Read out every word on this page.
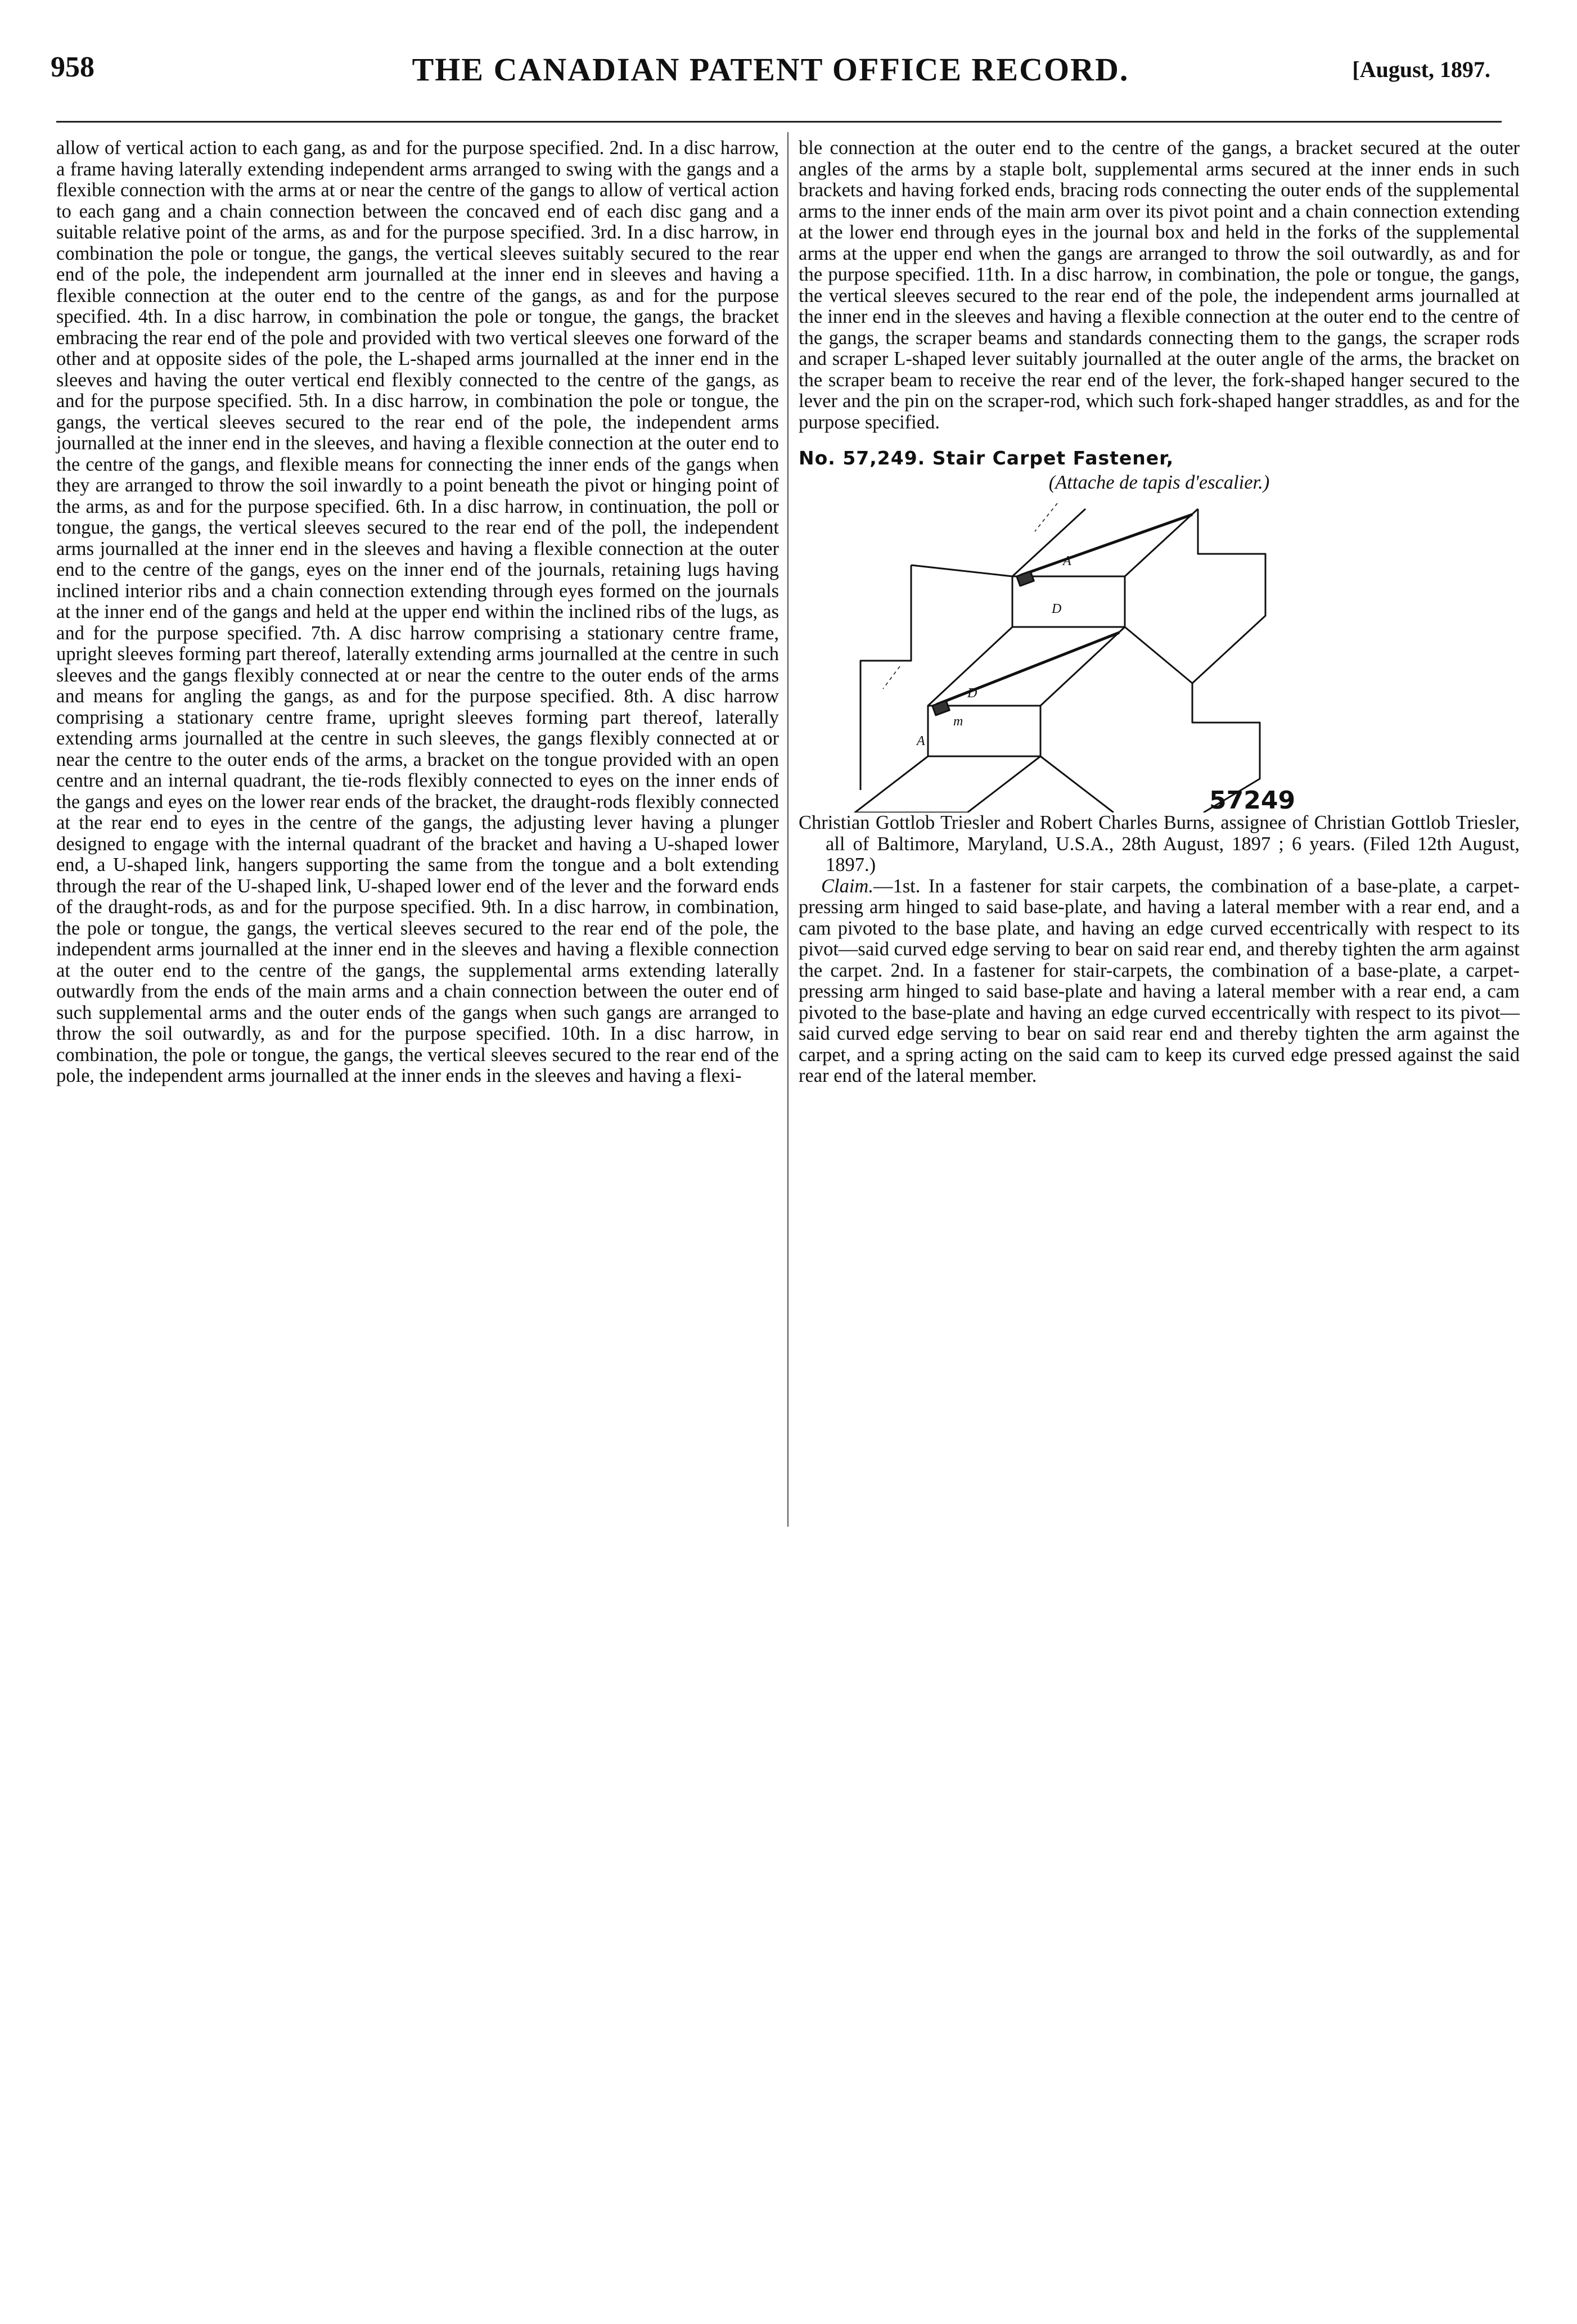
958	THE CANADIAN PATENT OFFICE RECORD.	[August, 1897.

allow of vertical action to each gang, as and for the purpose specified. 2nd. In a disc harrow, a frame having laterally extending independent arms arranged to swing with the gangs and a flexible connection with the arms at or near the centre of the gangs to allow of vertical action to each gang and a chain connection between the concaved end of each disc gang and a suitable relative point of the arms, as and for the purpose specified. 3rd. In a disc harrow, in combination the pole or tongue, the gangs, the vertical sleeves suitably secured to the rear end of the pole, the independent arm journalled at the inner end in sleeves and having a flexible connection at the outer end to the centre of the gangs, as and for the purpose specified. 4th. In a disc harrow, in combination the pole or tongue, the gangs, the bracket embracing the rear end of the pole and provided with two vertical sleeves one forward of the other and at opposite sides of the pole, the L-shaped arms journalled at the inner end in the sleeves and having the outer vertical end flexibly connected to the centre of the gangs, as and for the purpose specified. 5th. In a disc harrow, in combination the pole or tongue, the gangs, the vertical sleeves secured to the rear end of the pole, the independent arms journalled at the inner end in the sleeves, and having a flexible connection at the outer end to the centre of the gangs, and flexible means for connecting the inner ends of the gangs when they are arranged to throw the soil inwardly to a point beneath the pivot or hinging point of the arms, as and for the purpose specified. 6th. In a disc harrow, in continuation, the poll or tongue, the gangs, the vertical sleeves secured to the rear end of the poll, the independent arms journalled at the inner end in the sleeves and having a flexible connection at the outer end to the centre of the gangs, eyes on the inner end of the journals, retaining lugs having inclined interior ribs and a chain connection extending through eyes formed on the journals at the inner end of the gangs and held at the upper end within the inclined ribs of the lugs, as and for the purpose specified. 7th. A disc harrow comprising a stationary centre frame, upright sleeves forming part thereof, laterally extending arms journalled at the centre in such sleeves and the gangs flexibly connected at or near the centre to the outer ends of the arms and means for angling the gangs, as and for the purpose specified. 8th. A disc harrow comprising a stationary centre frame, upright sleeves forming part thereof, laterally extending arms journalled at the centre in such sleeves, the gangs flexibly connected at or near the centre to the outer ends of the arms, a bracket on the tongue provided with an open centre and an internal quadrant, the tie-rods flexibly connected to eyes on the inner ends of the gangs and eyes on the lower rear ends of the bracket, the draught-rods flexibly connected at the rear end to eyes in the centre of the gangs, the adjusting lever having a plunger designed to engage with the internal quadrant of the bracket and having a U-shaped lower end, a U-shaped link, hangers supporting the same from the tongue and a bolt extending through the rear of the U-shaped link, U-shaped lower end of the lever and the forward ends of the draught-rods, as and for the purpose specified. 9th. In a disc harrow, in combination, the pole or tongue, the gangs, the vertical sleeves secured to the rear end of the pole, the independent arms journalled at the inner end in the sleeves and having a flexible connection at the outer end to the centre of the gangs, the supplemental arms extending laterally outwardly from the ends of the main arms and a chain connection between the outer end of such supplemental arms and the outer ends of the gangs when such gangs are arranged to throw the soil outwardly, as and for the purpose specified. 10th. In a disc harrow, in combination, the pole or tongue, the gangs, the vertical sleeves secured to the rear end of the pole, the independent arms journalled at the inner ends in the sleeves and having a flexi-

ble connection at the outer end to the centre of the gangs, a bracket secured at the outer angles of the arms by a staple bolt, supplemental arms secured at the inner ends in such brackets and having forked ends, bracing rods connecting the outer ends of the supplemental arms to the inner ends of the main arm over its pivot point and a chain connection extending at the lower end through eyes in the journal box and held in the forks of the supplemental arms at the upper end when the gangs are arranged to throw the soil outwardly, as and for the purpose specified. 11th. In a disc harrow, in combination, the pole or tongue, the gangs, the vertical sleeves secured to the rear end of the pole, the independent arms journalled at the inner end in the sleeves and having a flexible connection at the outer end to the centre of the gangs, the scraper beams and standards connecting them to the gangs, the scraper rods and scraper L-shaped lever suitably journalled at the outer angle of the arms, the bracket on the scraper beam to receive the rear end of the lever, the fork-shaped hanger secured to the lever and the pin on the scraper-rod, which such fork-shaped hanger straddles, as and for the purpose specified.

No. 57,249. Stair Carpet Fastener,
(Attache de tapis d'escalier.)
A
D
D
m
A
57249

Christian Gottlob Triesler and Robert Charles Burns, assignee of Christian Gottlob Triesler, all of Baltimore, Maryland, U.S.A., 28th August, 1897 ; 6 years. (Filed 12th August, 1897.)

Claim.—1st. In a fastener for stair carpets, the combination of a base-plate, a carpet-pressing arm hinged to said base-plate, and having a lateral member with a rear end, and a cam pivoted to the base plate, and having an edge curved eccentrically with respect to its pivot—said curved edge serving to bear on said rear end, and thereby tighten the arm against the carpet. 2nd. In a fastener for stair-carpets, the combination of a base-plate, a carpet-pressing arm hinged to said base-plate and having a lateral member with a rear end, a cam pivoted to the base-plate and having an edge curved eccentrically with respect to its pivot—said curved edge serving to bear on said rear end and thereby tighten the arm against the carpet, and a spring acting on the said cam to keep its curved edge pressed against the said rear end of the lateral member.
